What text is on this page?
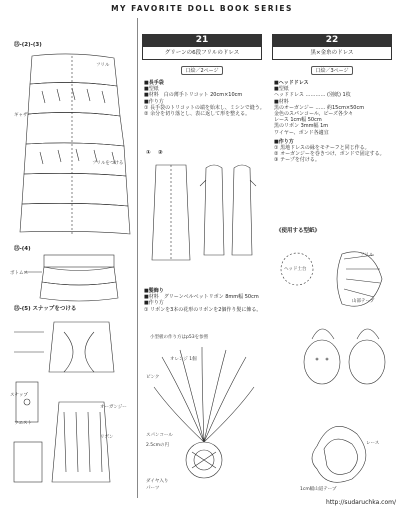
MY FAVORITE DOLL BOOK SERIES
⑬-(2)-(3)
⑬-(4)
⑬-(5) スナップをつける
フリル
フリルをつける
ギャザー
ボトムス
スナップ
オーガンジー
ウエスト
リボン
21
グリーンの6段フリルのドレス
口絵／2ページ
■長手袋
■型紙
■材料　白の薄手トリコット 20cm×10cm
■作り方
① 長手袋のトリコットの端を始末し、ミシンで縫う。
② 余分を切り落とし、表に返して形を整える。
① ②
■髪飾り
■材料　グリーンベルベットリボン 8mm幅 50cm
■作り方
① リボンを3本の花形のリボンを2個作り髪に飾る。
小型板の作り方はp53を参照
オレンジ 1個
ピンク
スパンコール
2.5cmの円
ダイヤ入り
パーツ
22
黒×金糸のドレス
口絵／3ページ
■ヘッドドレス
■型紙
ヘッドドレス ………… (別紙) 1枚
■材料
黒のオーガンジー …… 約15cm×50cm
金色のスパンコール、ビーズ各少々
レース 1cm幅 50cm
黒のリボン 3mm幅 1m
ワイヤー、ボンド各適宜
■作り方
① 黒地ドレスの縁をモチーフと同じ作る。
② オーガンジーを巻きつけ、ボンドで固定する。
③ テープを付ける。
《使用する型紙》
ヘッド土台
フリル
山部テープ
レース
1cm幅山道テープ
http://sudaruchka.com/
